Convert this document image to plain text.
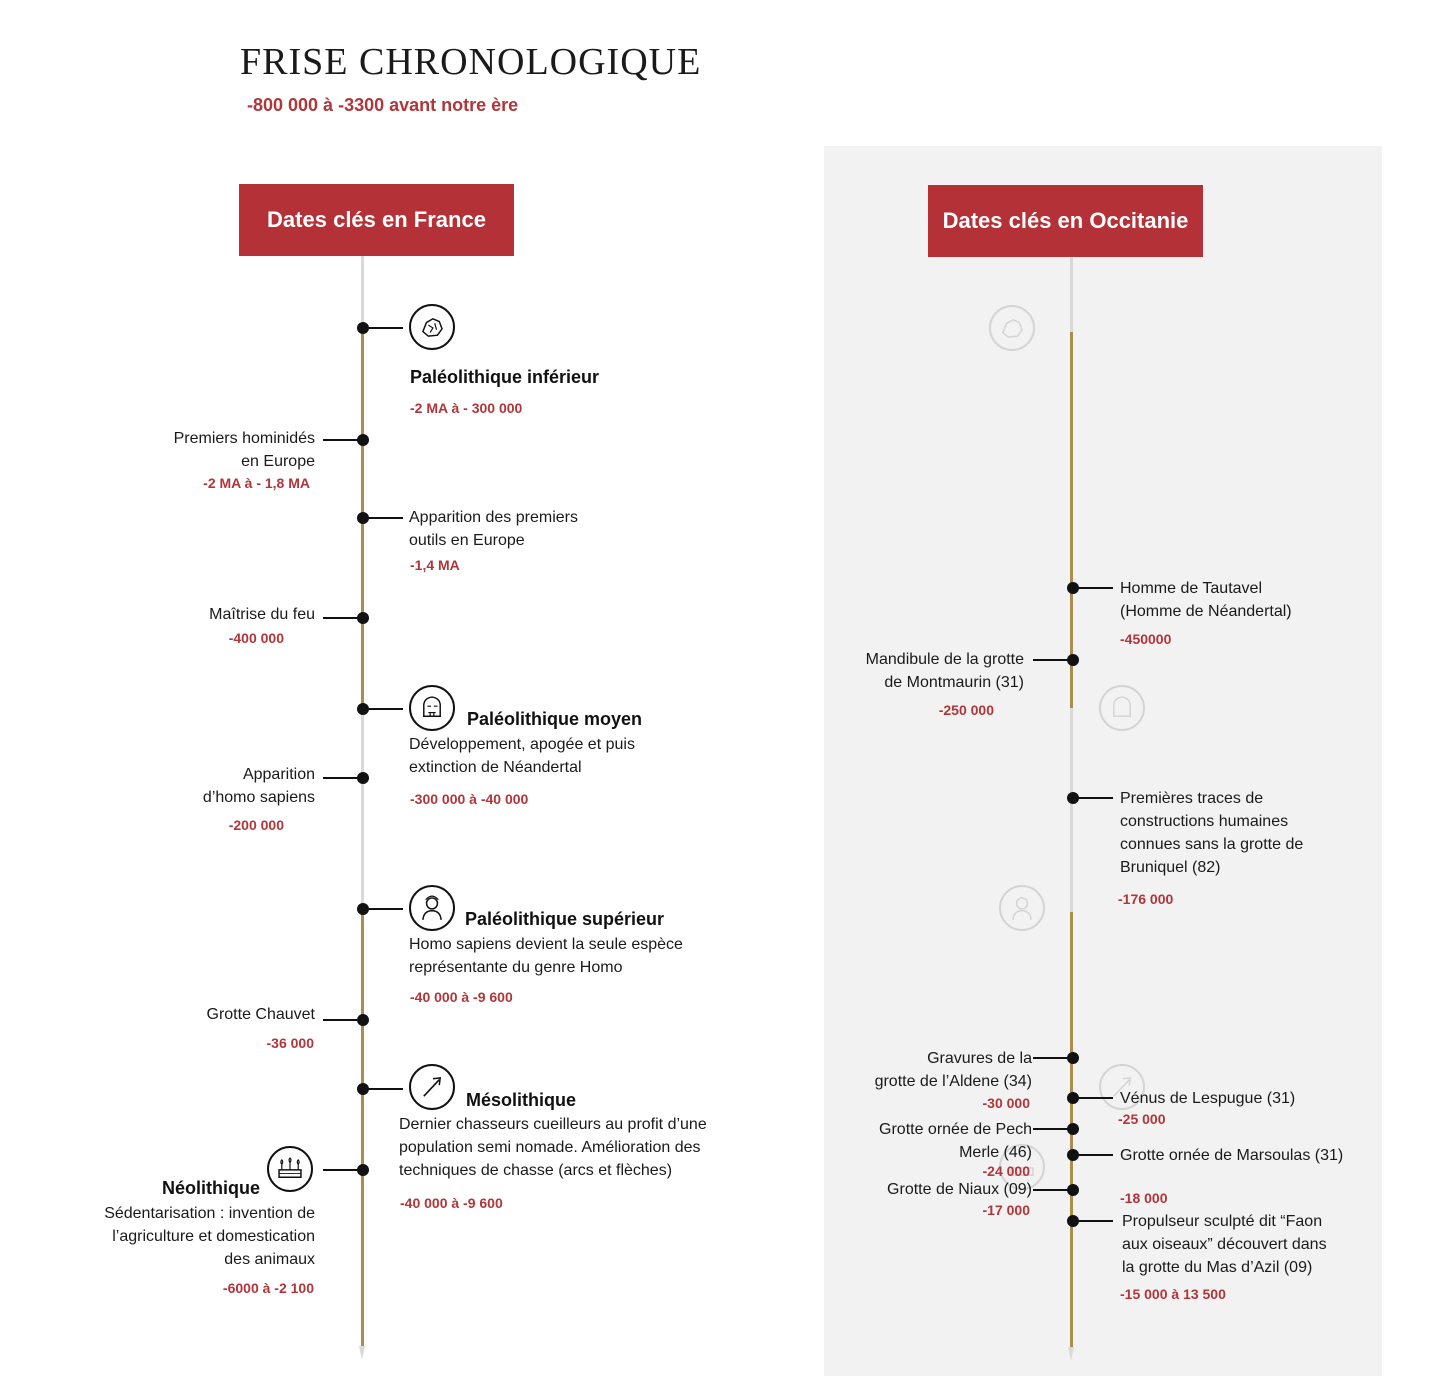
FRISE CHRONOLOGIQUE
-800 000 à -3300 avant notre ère
Dates clés en France
Paléolithique inférieur
-2 MA à - 300 000
Premiers hominidés
en Europe
-2 MA à - 1,8 MA
Apparition des premiers
outils en Europe
-1,4 MA
Maîtrise du feu
-400 000
Paléolithique moyen
Développement, apogée et puis extinction de Néandertal
-300 000 à -40 000
Apparition
d’homo sapiens
-200 000
Paléolithique supérieur
Homo sapiens devient la seule espèce représentante du genre Homo
-40 000 à -9 600
Grotte Chauvet
-36 000
Mésolithique
Dernier chasseurs cueilleurs au profit d’une population semi nomade. Amélioration des techniques de chasse (arcs et flèches)
-40 000 à -9 600
Néolithique
Sédentarisation : invention de l’agriculture et domestication des animaux
-6000 à -2 100
Dates clés en Occitanie
Homme de Tautavel
(Homme de Néandertal)
-450000
Mandibule de la grotte
de Montmaurin (31)
-250 000
Premières traces de
constructions humaines
connues sans la grotte de
Bruniquel (82)
-176 000
Gravures de la
grotte de l’Aldene (34)
-30 000	Vénus de Lespugue (31)
-25 000
Grotte ornée de Pech
Merle (46)
-24 000
Grotte ornée de Marsoulas (31)
-18 000
Grotte de Niaux (09)
-17 000
Propulseur sculpté dit “Faon
aux oiseaux” découvert dans
la grotte du Mas d’Azil (09)
-15 000 à 13 500
